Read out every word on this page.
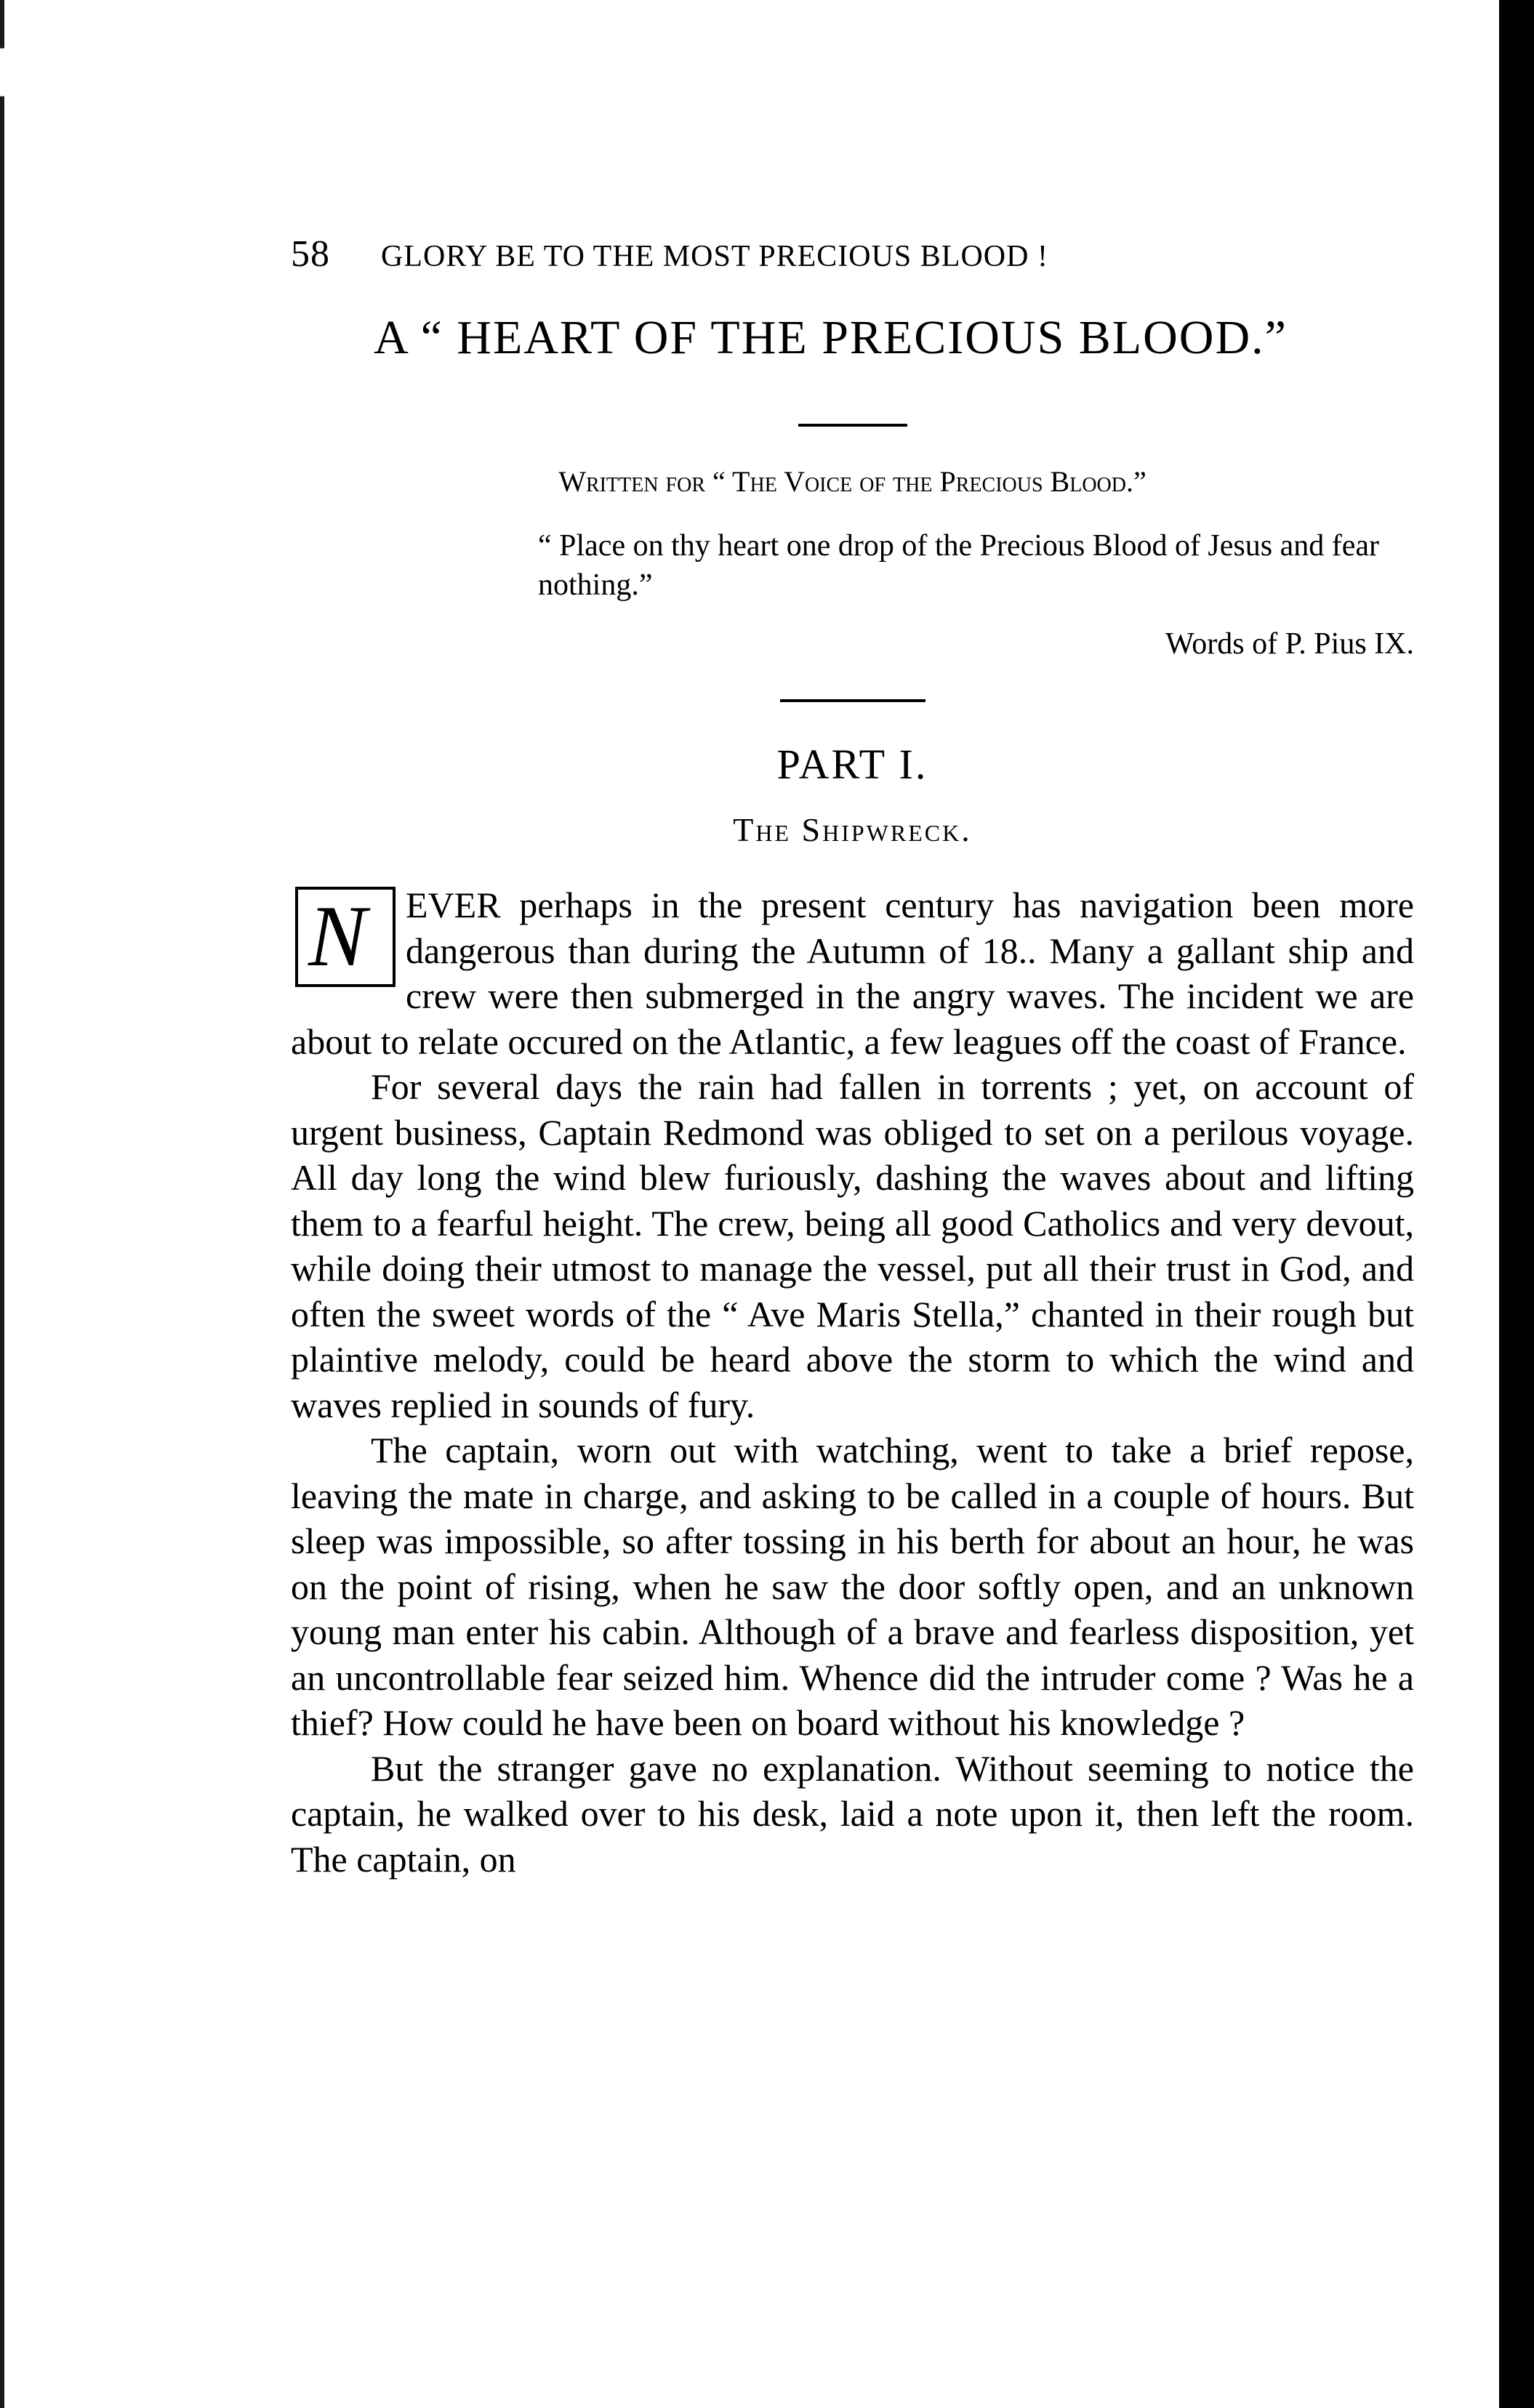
58 GLORY BE TO THE MOST PRECIOUS BLOOD !
A “ HEART OF THE PRECIOUS BLOOD.”
Written for “ The Voice of the Precious Blood.”
“ Place on thy heart one drop of the Precious Blood of Jesus and fear nothing.”
Words of P. Pius IX.
PART I.
The Shipwreck.
N	EVER perhaps in the present century has navigation been more dangerous than during the Autumn of 18.. Many a gallant ship and crew were then submerged in the angry waves. The incident we are about to relate occured on the Atlantic, a few leagues off the coast of France.

For several days the rain had fallen in torrents ; yet, on account of urgent business, Captain Redmond was obliged to set on a perilous voyage. All day long the wind blew furiously, dashing the waves about and lifting them to a fearful height. The crew, being all good Catholics and very devout, while doing their utmost to manage the vessel, put all their trust in God, and often the sweet words of the “ Ave Maris Stella,” chanted in their rough but plaintive melody, could be heard above the storm to which the wind and waves replied in sounds of fury.

The captain, worn out with watching, went to take a brief repose, leaving the mate in charge, and asking to be called in a couple of hours. But sleep was impossible, so after tossing in his berth for about an hour, he was on the point of rising, when he saw the door softly open, and an unknown young man enter his cabin. Although of a brave and fearless disposition, yet an uncontrollable fear seized him. Whence did the intruder come ? Was he a thief? How could he have been on board without his knowledge ?

But the stranger gave no explanation. Without seeming to notice the captain, he walked over to his desk, laid a note upon it, then left the room. The captain, on
